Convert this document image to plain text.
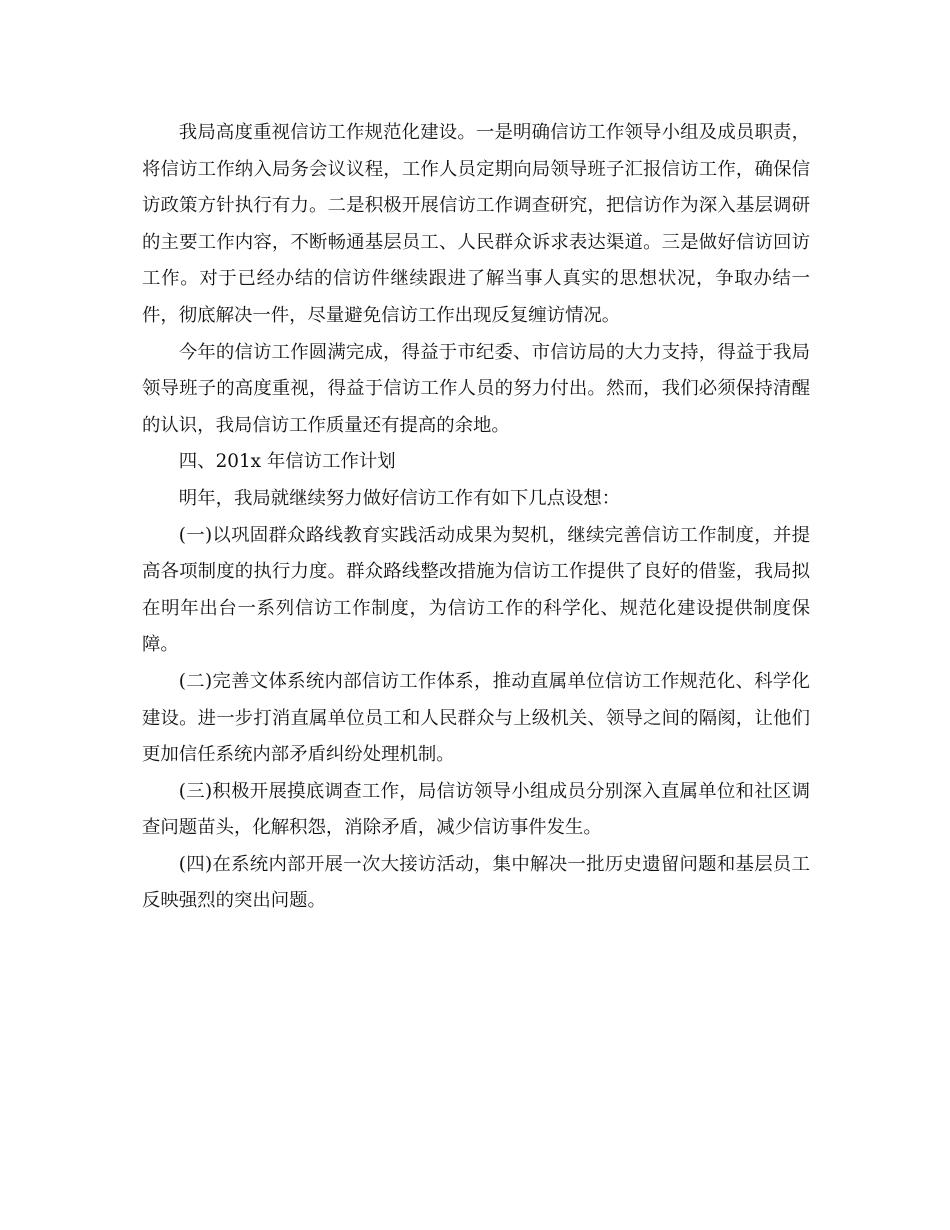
我局高度重视信访工作规范化建设。一是明确信访工作领导小组及成员职责，将信访工作纳入局务会议议程，工作人员定期向局领导班子汇报信访工作，确保信访政策方针执行有力。二是积极开展信访工作调查研究，把信访作为深入基层调研的主要工作内容，不断畅通基层员工、人民群众诉求表达渠道。三是做好信访回访工作。对于已经办结的信访件继续跟进了解当事人真实的思想状况，争取办结一件，彻底解决一件，尽量避免信访工作出现反复缠访情况。

今年的信访工作圆满完成，得益于市纪委、市信访局的大力支持，得益于我局领导班子的高度重视，得益于信访工作人员的努力付出。然而，我们必须保持清醒的认识，我局信访工作质量还有提高的余地。

四、201x 年信访工作计划

明年，我局就继续努力做好信访工作有如下几点设想：

(一)以巩固群众路线教育实践活动成果为契机，继续完善信访工作制度，并提高各项制度的执行力度。群众路线整改措施为信访工作提供了良好的借鉴，我局拟在明年出台一系列信访工作制度，为信访工作的科学化、规范化建设提供制度保障。

(二)完善文体系统内部信访工作体系，推动直属单位信访工作规范化、科学化建设。进一步打消直属单位员工和人民群众与上级机关、领导之间的隔阂，让他们更加信任系统内部矛盾纠纷处理机制。

(三)积极开展摸底调查工作，局信访领导小组成员分别深入直属单位和社区调查问题苗头，化解积怨，消除矛盾，减少信访事件发生。

(四)在系统内部开展一次大接访活动，集中解决一批历史遗留问题和基层员工反映强烈的突出问题。
